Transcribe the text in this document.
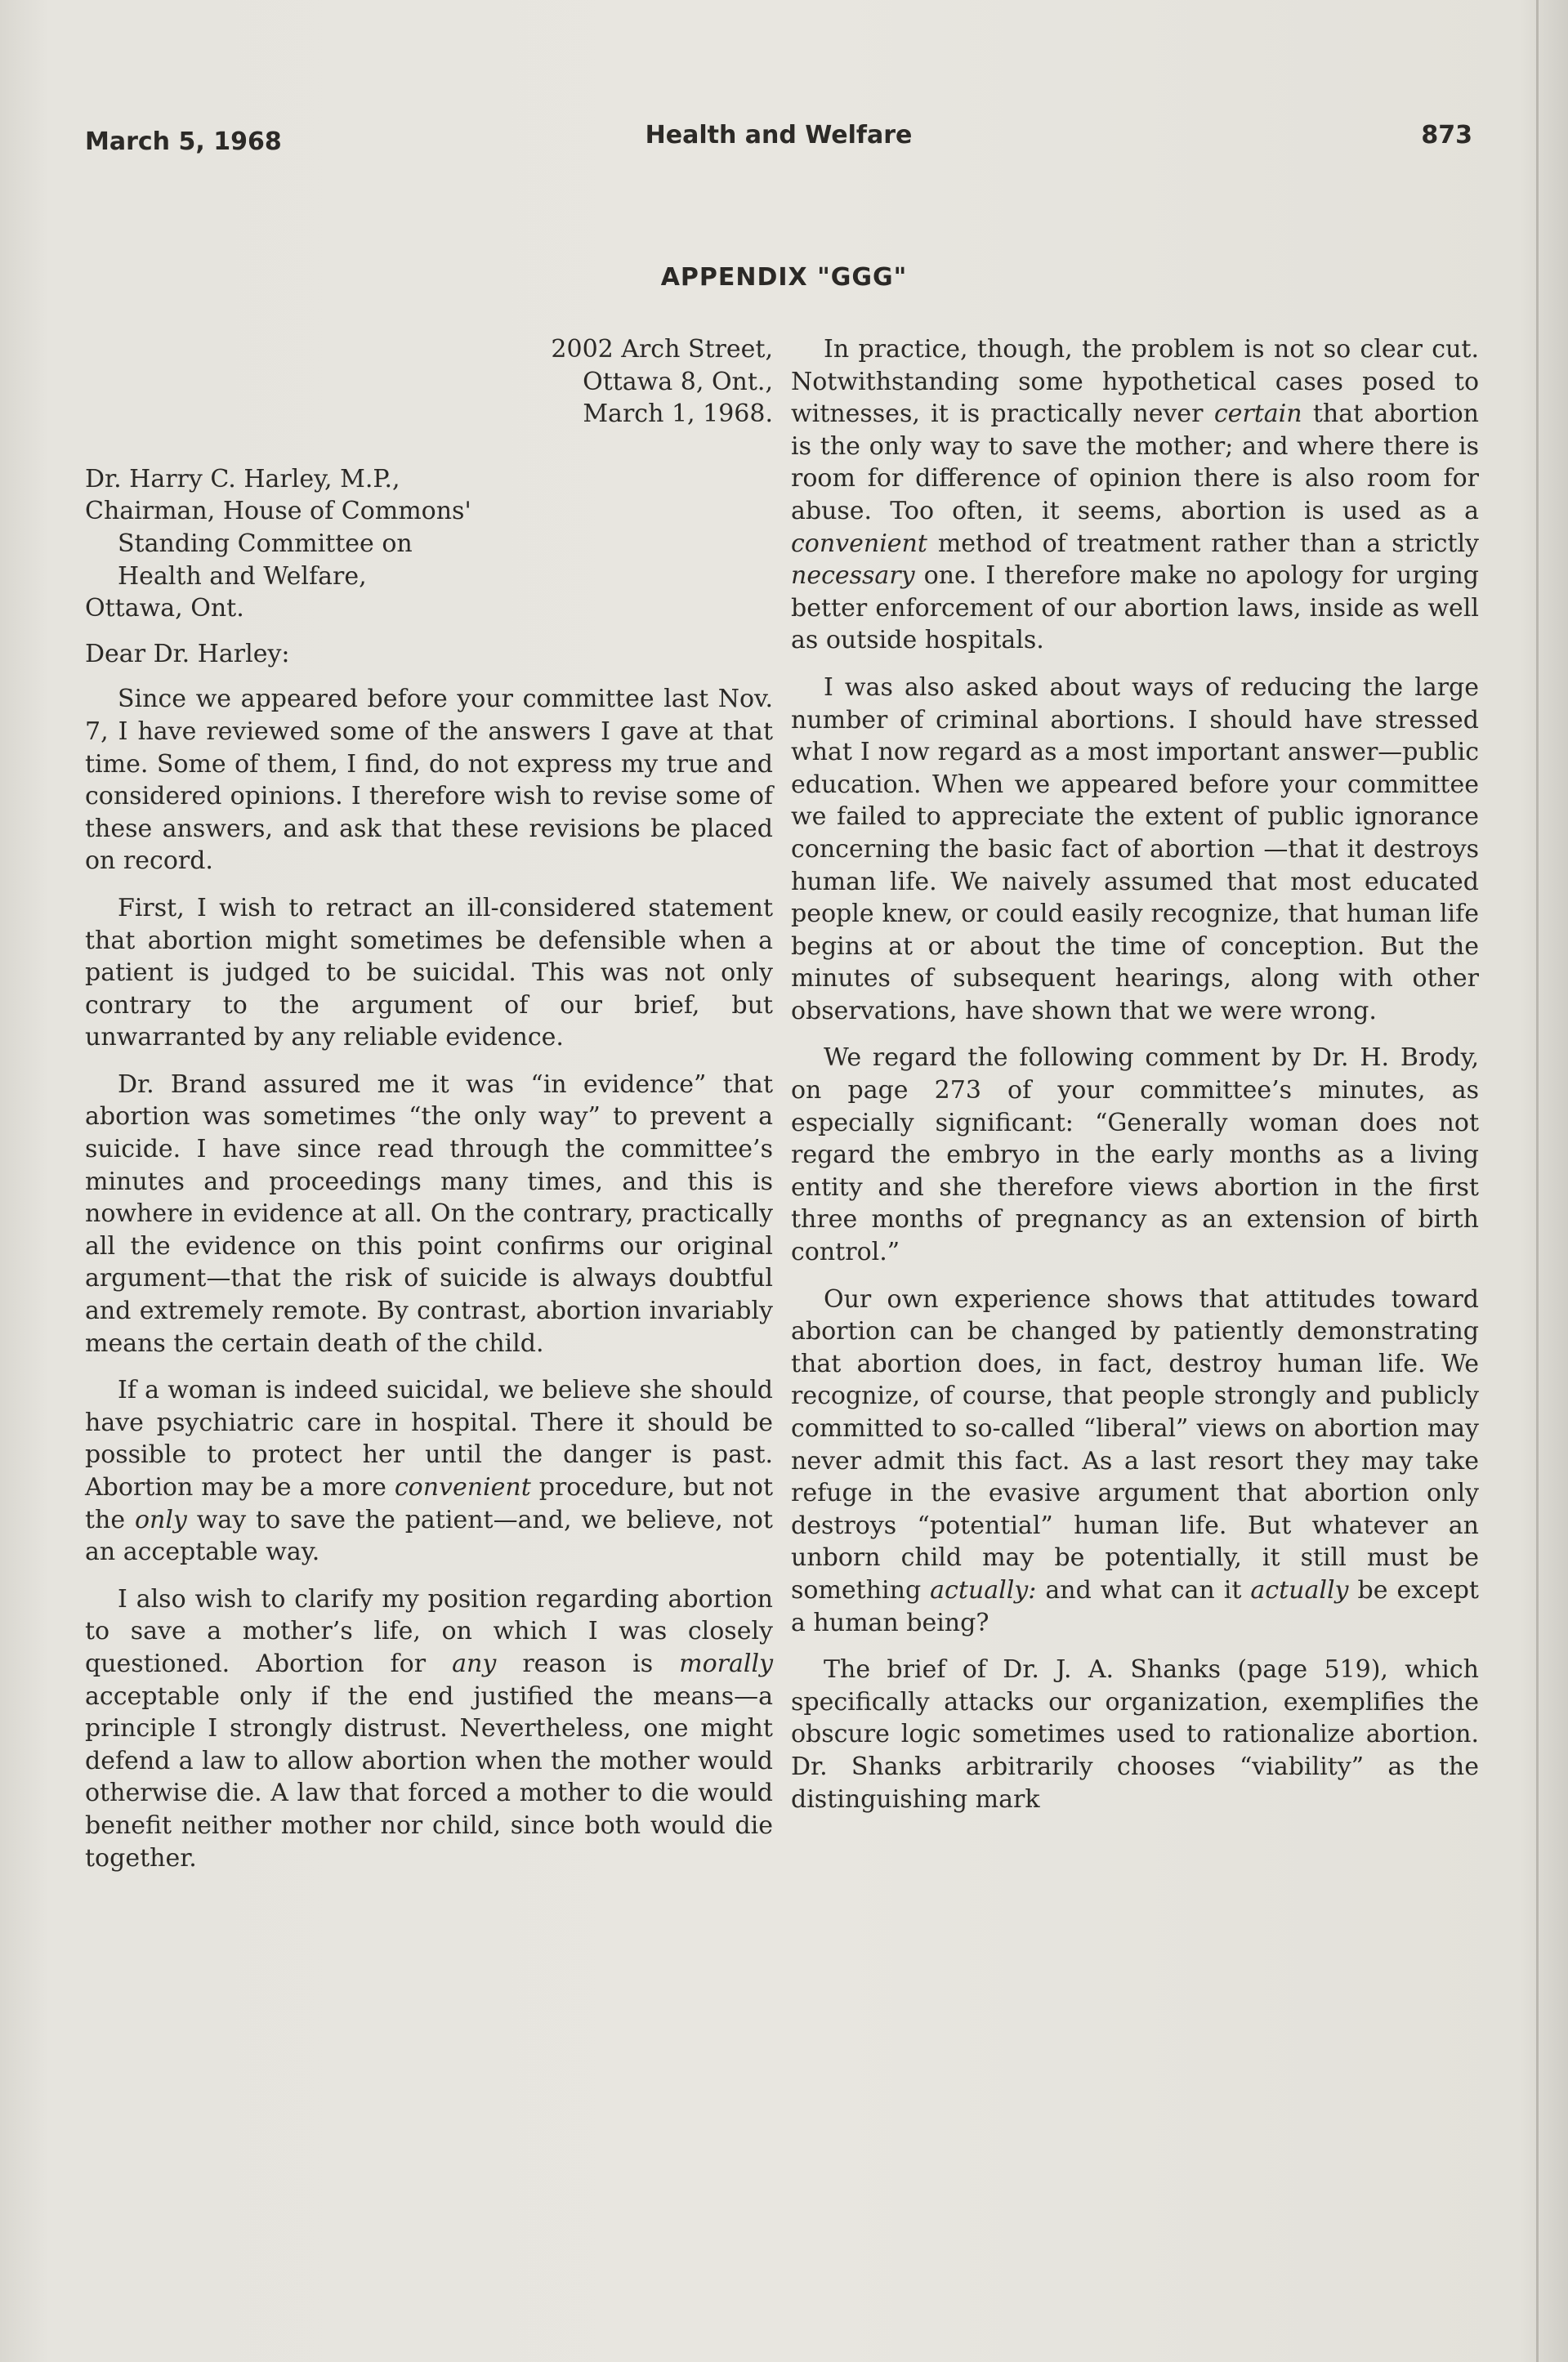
March 5, 1968	Health and Welfare	873
APPENDIX "GGG"
2002 Arch Street,
Ottawa 8, Ont.,
March 1, 1968.
Dr. Harry C. Harley, M.P.,
Chairman, House of Commons'
Standing Committee on
Health and Welfare,
Ottawa, Ont.
Dear Dr. Harley:

Since we appeared before your committee last Nov. 7, I have reviewed some of the answers I gave at that time. Some of them, I find, do not express my true and considered opinions. I therefore wish to revise some of these answers, and ask that these revisions be placed on record.

First, I wish to retract an ill-considered statement that abortion might sometimes be defensible when a patient is judged to be suicidal. This was not only contrary to the argument of our brief, but unwarranted by any reliable evidence.

Dr. Brand assured me it was “in evidence” that abortion was sometimes “the only way” to prevent a suicide. I have since read through the committee’s minutes and proceedings many times, and this is nowhere in evidence at all. On the contrary, practically all the evidence on this point confirms our original argument—that the risk of suicide is always doubtful and extremely remote. By contrast, abortion invariably means the certain death of the child.

If a woman is indeed suicidal, we believe she should have psychiatric care in hospital. There it should be possible to protect her until the danger is past. Abortion may be a more convenient procedure, but not the only way to save the patient—and, we believe, not an acceptable way.

I also wish to clarify my position regarding abortion to save a mother’s life, on which I was closely questioned. Abortion for any reason is morally acceptable only if the end justified the means—a principle I strongly distrust. Nevertheless, one might defend a law to allow abortion when the mother would otherwise die. A law that forced a mother to die would benefit neither mother nor child, since both would die together.

In practice, though, the problem is not so clear cut. Notwithstanding some hypothetical cases posed to witnesses, it is practically never certain that abortion is the only way to save the mother; and where there is room for difference of opinion there is also room for abuse. Too often, it seems, abortion is used as a convenient method of treatment rather than a strictly necessary one. I therefore make no apology for urging better enforcement of our abortion laws, inside as well as outside hospitals.

I was also asked about ways of reducing the large number of criminal abortions. I should have stressed what I now regard as a most important answer—public education. When we appeared before your committee we failed to appreciate the extent of public ignorance concerning the basic fact of abortion —that it destroys human life. We naively assumed that most educated people knew, or could easily recognize, that human life begins at or about the time of conception. But the minutes of subsequent hearings, along with other observations, have shown that we were wrong.

We regard the following comment by Dr. H. Brody, on page 273 of your committee’s minutes, as especially significant: “Generally woman does not regard the embryo in the early months as a living entity and she therefore views abortion in the first three months of pregnancy as an extension of birth control.”

Our own experience shows that attitudes toward abortion can be changed by patiently demonstrating that abortion does, in fact, destroy human life. We recognize, of course, that people strongly and publicly committed to so-called “liberal” views on abortion may never admit this fact. As a last resort they may take refuge in the evasive argument that abortion only destroys “potential” human life. But whatever an unborn child may be potentially, it still must be something actually: and what can it actually be except a human being?

The brief of Dr. J. A. Shanks (page 519), which specifically attacks our organization, exemplifies the obscure logic sometimes used to rationalize abortion. Dr. Shanks arbitrarily chooses “viability” as the distinguishing mark
